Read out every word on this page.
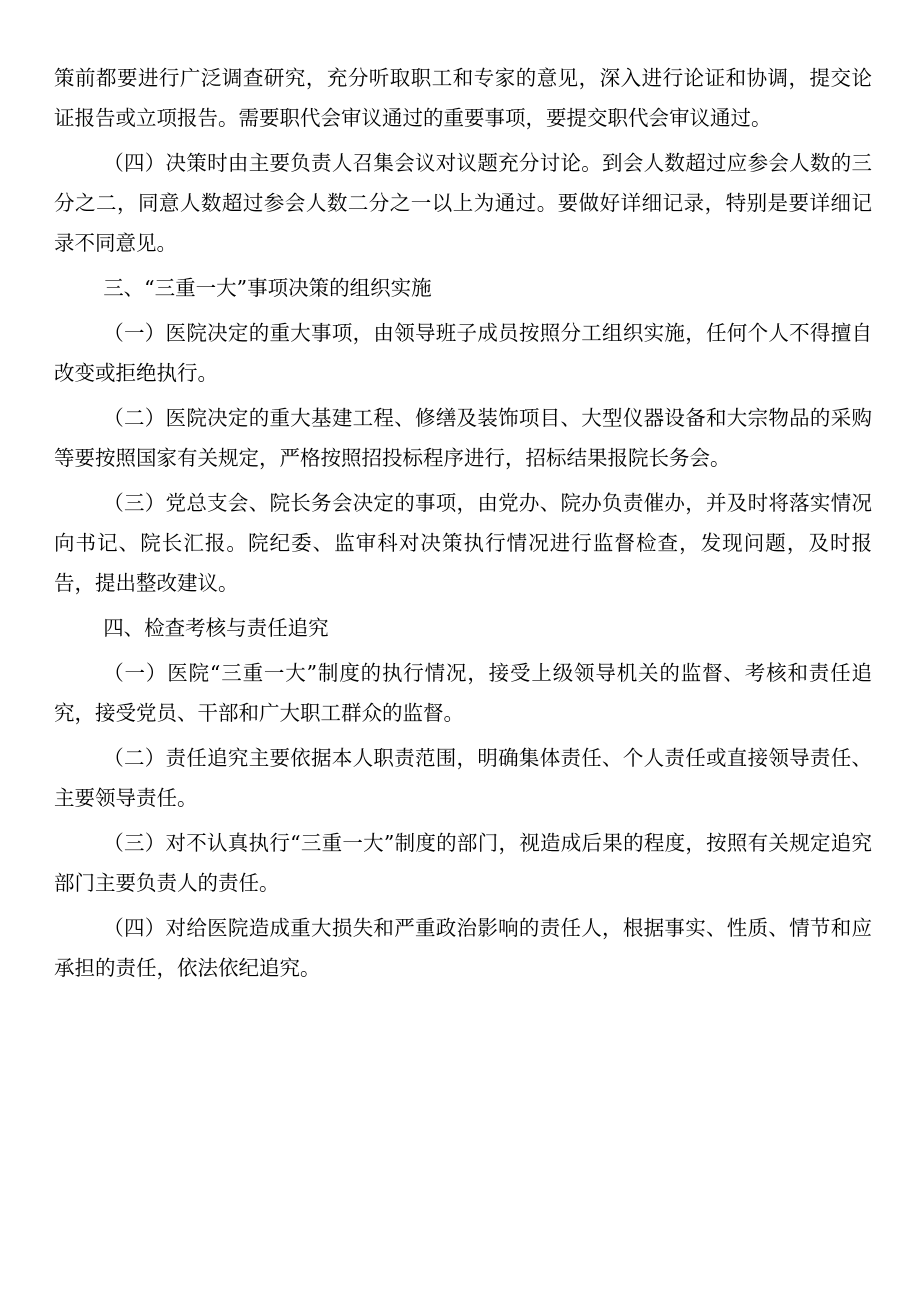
策前都要进行广泛调查研究，充分听取职工和专家的意见，深入进行论证和协调，提交论证报告或立项报告。需要职代会审议通过的重要事项，要提交职代会审议通过。

（四）决策时由主要负责人召集会议对议题充分讨论。到会人数超过应参会人数的三分之二，同意人数超过参会人数二分之一以上为通过。要做好详细记录，特别是要详细记录不同意见。

三、“三重一大”事项决策的组织实施

（一）医院决定的重大事项，由领导班子成员按照分工组织实施，任何个人不得擅自改变或拒绝执行。

（二）医院决定的重大基建工程、修缮及装饰项目、大型仪器设备和大宗物品的采购等要按照国家有关规定，严格按照招投标程序进行，招标结果报院长务会。

（三）党总支会、院长务会决定的事项，由党办、院办负责催办，并及时将落实情况向书记、院长汇报。院纪委、监审科对决策执行情况进行监督检查，发现问题，及时报告，提出整改建议。

四、检查考核与责任追究

（一）医院“三重一大”制度的执行情况，接受上级领导机关的监督、考核和责任追究，接受党员、干部和广大职工群众的监督。

（二）责任追究主要依据本人职责范围，明确集体责任、个人责任或直接领导责任、主要领导责任。

（三）对不认真执行“三重一大”制度的部门，视造成后果的程度，按照有关规定追究部门主要负责人的责任。

（四）对给医院造成重大损失和严重政治影响的责任人，根据事实、性质、情节和应承担的责任，依法依纪追究。
